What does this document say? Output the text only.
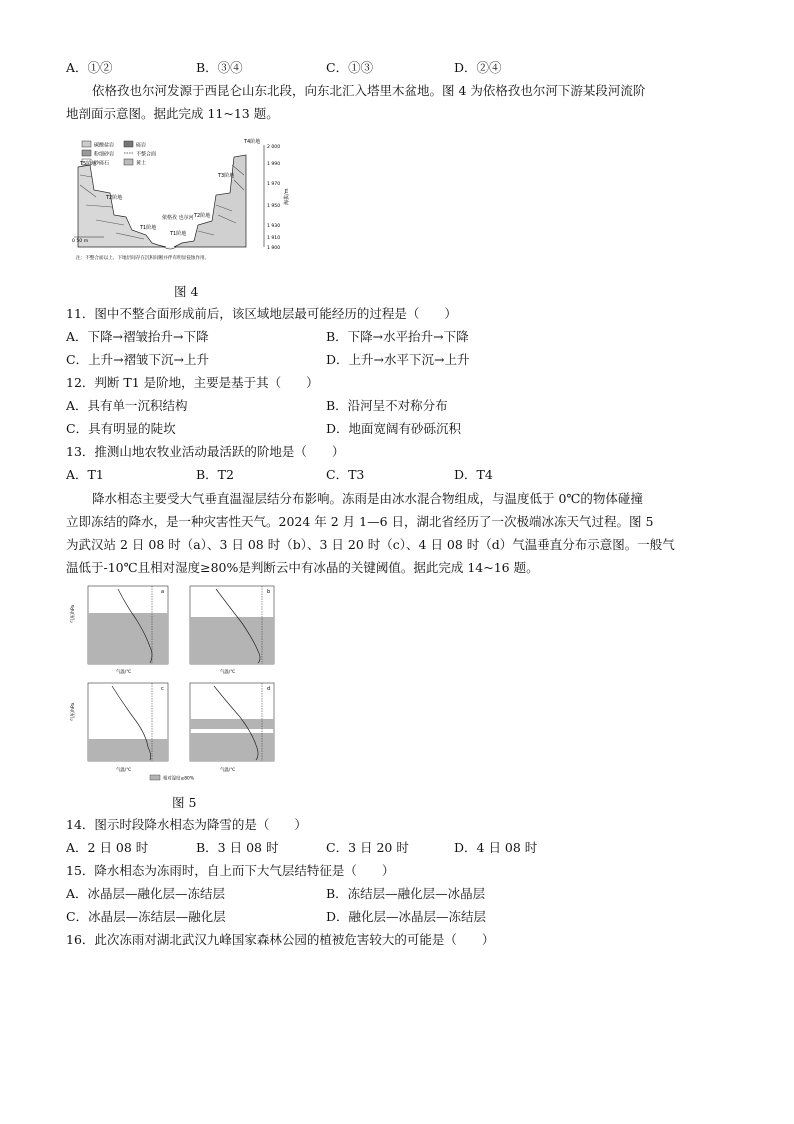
A．①②	B．③④	C．①③	D．②④
依格孜也尔河发源于西昆仑山东北段，向东北汇入塔里木盆地。图 4 为依格孜也尔河下游某段河流阶
地剖面示意图。据此完成 11~13 题。
碳酸盐岩
粉细砂岩
砂砾石
砾岩
不整合面
黄土
T5阶地
T2阶地
T1阶地
依格孜 也尔河
T1阶地
T2阶地
T3阶地
T4阶地
2 000
1 990
1 970
1 950
1 930
1 910
1 900
海拔/m
0 50 m
注：不整合面以上、下地层间存在沉积间断并伴有明显侵蚀作用。
图 4
11．图中不整合面形成前后，该区域地层最可能经历的过程是（　　）
A．下降→褶皱抬升→下降	B．下降→水平抬升→下降
C．上升→褶皱下沉→上升	D．上升→水平下沉→上升
12．判断 T1 是阶地，主要是基于其（　　）
A．具有单一沉积结构	B．沿河呈不对称分布
C．具有明显的陡坎	D．地面宽阔有砂砾沉积
13．推测山地农牧业活动最活跃的阶地是（　　）
A．T1	B．T2	C．T3	D．T4
降水相态主要受大气垂直温湿层结分布影响。冻雨是由冰水混合物组成，与温度低于 0℃的物体碰撞
立即冻结的降水，是一种灾害性天气。2024 年 2 月 1—6 日，湖北省经历了一次极端冰冻天气过程。图 5
为武汉站 2 日 08 时（a）、3 日 08 时（b）、3 日 20 时（c）、4 日 08 时（d）气温垂直分布示意图。一般气
温低于-10℃且相对湿度≥80%是判断云中有冰晶的关键阈值。据此完成 14~16 题。
a
气压/hPa
气温/℃
b
气温/℃
c
气压/hPa
气温/℃
d
气温/℃
相对湿度≥80%
图 5
14．图示时段降水相态为降雪的是（　　）
A．2 日 08 时	B．3 日 08 时	C．3 日 20 时	D．4 日 08 时
15．降水相态为冻雨时，自上而下大气层结特征是（　　）
A．冰晶层—融化层—冻结层	B．冻结层—融化层—冰晶层
C．冰晶层—冻结层—融化层	D．融化层—冰晶层—冻结层
16．此次冻雨对湖北武汉九峰国家森林公园的植被危害较大的可能是（　　）
